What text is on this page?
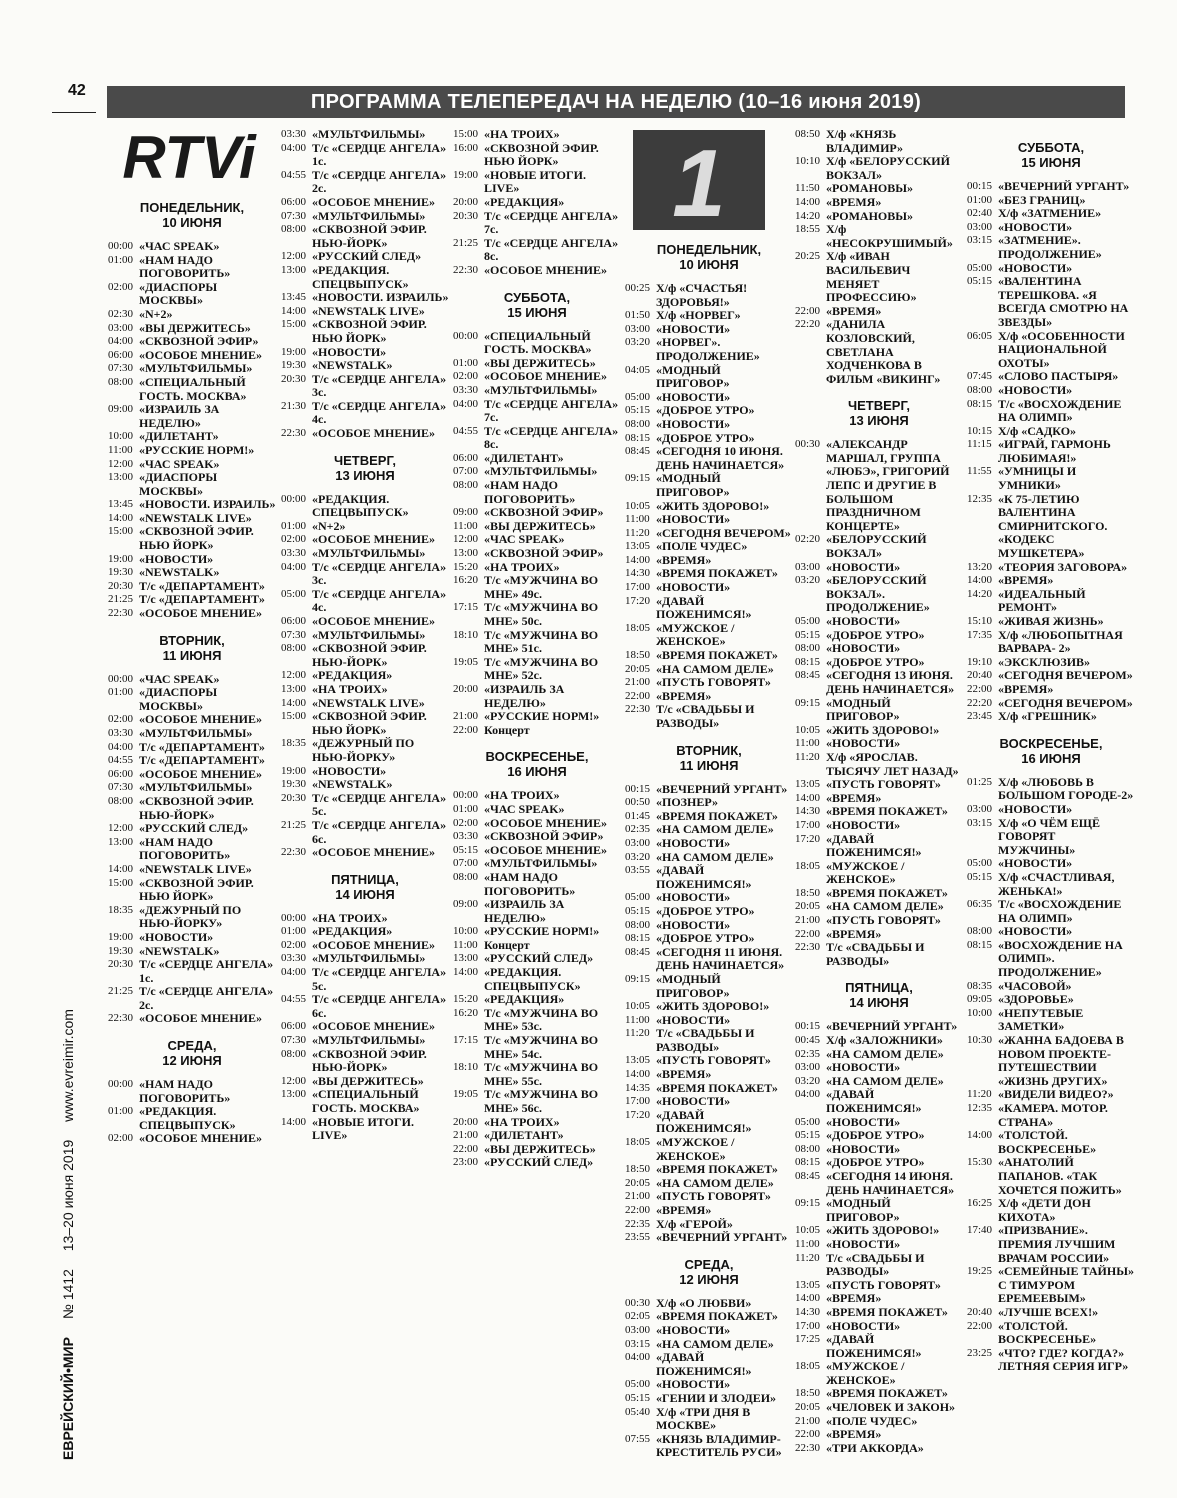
42	ПРОГРАММА ТЕЛЕПЕРЕДАЧ НА НЕДЕЛЮ (10–16 июня 2019)
ЕВРЕЙСКИЙ•МИР № 1412 13–20 июня 2019 www.evreimir.com
RTVi
ПОНЕДЕЛЬНИК,
10 ИЮНЯ
00:00 «ЧАС SPEAK»
01:00 «НАМ НАДО ПОГОВОРИТЬ»
02:00 «ДИАСПОРЫ МОСКВЫ»
02:30 «N+2»
03:00 «ВЫ ДЕРЖИТЕСЬ»
04:00 «СКВОЗНОЙ ЭФИР»
06:00 «ОСОБОЕ МНЕНИЕ»
07:30 «МУЛЬТФИЛЬМЫ»
08:00 «СПЕЦИАЛЬНЫЙ ГОСТЬ. МОСКВА»
09:00 «ИЗРАИЛЬ ЗА НЕДЕЛЮ»
10:00 «ДИЛЕТАНТ»
11:00 «РУССКИЕ НОРМ!»
12:00 «ЧАС SPEAK»
13:00 «ДИАСПОРЫ МОСКВЫ»
13:45 «НОВОСТИ. ИЗРАИЛЬ»
14:00 «NEWSTALK LIVE»
15:00 «СКВОЗНОЙ ЭФИР. НЬЮ ЙОРК»
19:00 «НОВОСТИ»
19:30 «NEWSTALK»
20:30 Т/с «ДЕПАРТАМЕНТ»
21:25 Т/с «ДЕПАРТАМЕНТ»
22:30 «ОСОБОЕ МНЕНИЕ»
ВТОРНИК,
11 ИЮНЯ
00:00 «ЧАС SPEAK»
01:00 «ДИАСПОРЫ МОСКВЫ»
02:00 «ОСОБОЕ МНЕНИЕ»
03:30 «МУЛЬТФИЛЬМЫ»
04:00 Т/с «ДЕПАРТАМЕНТ»
04:55 Т/с «ДЕПАРТАМЕНТ»
06:00 «ОСОБОЕ МНЕНИЕ»
07:30 «МУЛЬТФИЛЬМЫ»
08:00 «СКВОЗНОЙ ЭФИР. НЬЮ-ЙОРК»
12:00 «РУССКИЙ СЛЕД»
13:00 «НАМ НАДО ПОГОВОРИТЬ»
14:00 «NEWSTALK LIVE»
15:00 «СКВОЗНОЙ ЭФИР. НЬЮ ЙОРК»
18:35 «ДЕЖУРНЫЙ ПО НЬЮ-ЙОРКУ»
19:00 «НОВОСТИ»
19:30 «NEWSTALK»
20:30 Т/с «СЕРДЦЕ АНГЕЛА» 1с.
21:25 Т/с «СЕРДЦЕ АНГЕЛА» 2с.
22:30 «ОСОБОЕ МНЕНИЕ»
СРЕДА,
12 ИЮНЯ
00:00 «НАМ НАДО ПОГОВОРИТЬ»
01:00 «РЕДАКЦИЯ. СПЕЦВЫПУСК»
02:00 «ОСОБОЕ МНЕНИЕ»
03:30 «МУЛЬТФИЛЬМЫ»
04:00 Т/с «СЕРДЦЕ АНГЕЛА» 1с.
04:55 Т/с «СЕРДЦЕ АНГЕЛА» 2с.
06:00 «ОСОБОЕ МНЕНИЕ»
07:30 «МУЛЬТФИЛЬМЫ»
08:00 «СКВОЗНОЙ ЭФИР. НЬЮ-ЙОРК»
12:00 «РУССКИЙ СЛЕД»
13:00 «РЕДАКЦИЯ. СПЕЦВЫПУСК»
13:45 «НОВОСТИ. ИЗРАИЛЬ»
14:00 «NEWSTALK LIVE»
15:00 «СКВОЗНОЙ ЭФИР. НЬЮ ЙОРК»
19:00 «НОВОСТИ»
19:30 «NEWSTALK»
20:30 Т/с «СЕРДЦЕ АНГЕЛА» 3с.
21:30 Т/с «СЕРДЦЕ АНГЕЛА» 4с.
22:30 «ОСОБОЕ МНЕНИЕ»
ЧЕТВЕРГ,
13 ИЮНЯ
00:00 «РЕДАКЦИЯ. СПЕЦВЫПУСК»
01:00 «N+2»
02:00 «ОСОБОЕ МНЕНИЕ»
03:30 «МУЛЬТФИЛЬМЫ»
04:00 Т/с «СЕРДЦЕ АНГЕЛА» 3с.
05:00 Т/с «СЕРДЦЕ АНГЕЛА» 4с.
06:00 «ОСОБОЕ МНЕНИЕ»
07:30 «МУЛЬТФИЛЬМЫ»
08:00 «СКВОЗНОЙ ЭФИР. НЬЮ-ЙОРК»
12:00 «РЕДАКЦИЯ»
13:00 «НА ТРОИХ»
14:00 «NEWSTALK LIVE»
15:00 «СКВОЗНОЙ ЭФИР. НЬЮ ЙОРК»
18:35 «ДЕЖУРНЫЙ ПО НЬЮ-ЙОРКУ»
19:00 «НОВОСТИ»
19:30 «NEWSTALK»
20:30 Т/с «СЕРДЦЕ АНГЕЛА» 5с.
21:25 Т/с «СЕРДЦЕ АНГЕЛА» 6с.
22:30 «ОСОБОЕ МНЕНИЕ»
ПЯТНИЦА,
14 ИЮНЯ
00:00 «НА ТРОИХ»
01:00 «РЕДАКЦИЯ»
02:00 «ОСОБОЕ МНЕНИЕ»
03:30 «МУЛЬТФИЛЬМЫ»
04:00 Т/с «СЕРДЦЕ АНГЕЛА» 5с.
04:55 Т/с «СЕРДЦЕ АНГЕЛА» 6с.
06:00 «ОСОБОЕ МНЕНИЕ»
07:30 «МУЛЬТФИЛЬМЫ»
08:00 «СКВОЗНОЙ ЭФИР. НЬЮ-ЙОРК»
12:00 «ВЫ ДЕРЖИТЕСЬ»
13:00 «СПЕЦИАЛЬНЫЙ ГОСТЬ. МОСКВА»
14:00 «НОВЫЕ ИТОГИ. LIVE»
15:00 «НА ТРОИХ»
16:00 «СКВОЗНОЙ ЭФИР. НЬЮ ЙОРК»
19:00 «НОВЫЕ ИТОГИ. LIVE»
20:00 «РЕДАКЦИЯ»
20:30 Т/с «СЕРДЦЕ АНГЕЛА» 7с.
21:25 Т/с «СЕРДЦЕ АНГЕЛА» 8с.
22:30 «ОСОБОЕ МНЕНИЕ»
СУББОТА,
15 ИЮНЯ
00:00 «СПЕЦИАЛЬНЫЙ ГОСТЬ. МОСКВА»
01:00 «ВЫ ДЕРЖИТЕСЬ»
02:00 «ОСОБОЕ МНЕНИЕ»
03:30 «МУЛЬТФИЛЬМЫ»
04:00 Т/с «СЕРДЦЕ АНГЕЛА» 7с.
04:55 Т/с «СЕРДЦЕ АНГЕЛА» 8с.
06:00 «ДИЛЕТАНТ»
07:00 «МУЛЬТФИЛЬМЫ»
08:00 «НАМ НАДО ПОГОВОРИТЬ»
09:00 «СКВОЗНОЙ ЭФИР»
11:00 «ВЫ ДЕРЖИТЕСЬ»
12:00 «ЧАС SPEAK»
13:00 «СКВОЗНОЙ ЭФИР»
15:20 «НА ТРОИХ»
16:20 Т/с «МУЖЧИНА ВО МНЕ» 49с.
17:15 Т/с «МУЖЧИНА ВО МНЕ» 50с.
18:10 Т/с «МУЖЧИНА ВО МНЕ» 51с.
19:05 Т/с «МУЖЧИНА ВО МНЕ» 52с.
20:00 «ИЗРАИЛЬ ЗА НЕДЕЛЮ»
21:00 «РУССКИЕ НОРМ!»
22:00 Концерт
ВОСКРЕСЕНЬЕ,
16 ИЮНЯ
00:00 «НА ТРОИХ»
01:00 «ЧАС SPEAK»
02:00 «ОСОБОЕ МНЕНИЕ»
03:30 «СКВОЗНОЙ ЭФИР»
05:15 «ОСОБОЕ МНЕНИЕ»
07:00 «МУЛЬТФИЛЬМЫ»
08:00 «НАМ НАДО ПОГОВОРИТЬ»
09:00 «ИЗРАИЛЬ ЗА НЕДЕЛЮ»
10:00 «РУССКИЕ НОРМ!»
11:00 Концерт
13:00 «РУССКИЙ СЛЕД»
14:00 «РЕДАКЦИЯ. СПЕЦВЫПУСК»
15:20 «РЕДАКЦИЯ»
16:20 Т/с «МУЖЧИНА ВО МНЕ» 53с.
17:15 Т/с «МУЖЧИНА ВО МНЕ» 54с.
18:10 Т/с «МУЖЧИНА ВО МНЕ» 55с.
19:05 Т/с «МУЖЧИНА ВО МНЕ» 56с.
20:00 «НА ТРОИХ»
21:00 «ДИЛЕТАНТ»
22:00 «ВЫ ДЕРЖИТЕСЬ»
23:00 «РУССКИЙ СЛЕД»
1
ПОНЕДЕЛЬНИК,
10 ИЮНЯ
00:25 Х/ф «СЧАСТЬЯ! ЗДОРОВЬЯ!»
01:50 Х/ф «НОРВЕГ»
03:00 «НОВОСТИ»
03:20 «НОРВЕГ». ПРОДОЛЖЕНИЕ»
04:05 «МОДНЫЙ ПРИГОВОР»
05:00 «НОВОСТИ»
05:15 «ДОБРОЕ УТРО»
08:00 «НОВОСТИ»
08:15 «ДОБРОЕ УТРО»
08:45 «СЕГОДНЯ 10 ИЮНЯ. ДЕНЬ НАЧИНАЕТСЯ»
09:15 «МОДНЫЙ ПРИГОВОР»
10:05 «ЖИТЬ ЗДОРОВО!»
11:00 «НОВОСТИ»
11:20 «СЕГОДНЯ ВЕЧЕРОМ»
13:05 «ПОЛЕ ЧУДЕС»
14:00 «ВРЕМЯ»
14:30 «ВРЕМЯ ПОКАЖЕТ»
17:00 «НОВОСТИ»
17:20 «ДАВАЙ ПОЖЕНИМСЯ!»
18:05 «МУЖСКОЕ / ЖЕНСКОЕ»
18:50 «ВРЕМЯ ПОКАЖЕТ»
20:05 «НА САМОМ ДЕЛЕ»
21:00 «ПУСТЬ ГОВОРЯТ»
22:00 «ВРЕМЯ»
22:30 Т/с «СВАДЬБЫ И РАЗВОДЫ»
ВТОРНИК,
11 ИЮНЯ
00:15 «ВЕЧЕРНИЙ УРГАНТ»
00:50 «ПОЗНЕР»
01:45 «ВРЕМЯ ПОКАЖЕТ»
02:35 «НА САМОМ ДЕЛЕ»
03:00 «НОВОСТИ»
03:20 «НА САМОМ ДЕЛЕ»
03:55 «ДАВАЙ ПОЖЕНИМСЯ!»
05:00 «НОВОСТИ»
05:15 «ДОБРОЕ УТРО»
08:00 «НОВОСТИ»
08:15 «ДОБРОЕ УТРО»
08:45 «СЕГОДНЯ 11 ИЮНЯ. ДЕНЬ НАЧИНАЕТСЯ»
09:15 «МОДНЫЙ ПРИГОВОР»
10:05 «ЖИТЬ ЗДОРОВО!»
11:00 «НОВОСТИ»
11:20 Т/с «СВАДЬБЫ И РАЗВОДЫ»
13:05 «ПУСТЬ ГОВОРЯТ»
14:00 «ВРЕМЯ»
14:35 «ВРЕМЯ ПОКАЖЕТ»
17:00 «НОВОСТИ»
17:20 «ДАВАЙ ПОЖЕНИМСЯ!»
18:05 «МУЖСКОЕ / ЖЕНСКОЕ»
18:50 «ВРЕМЯ ПОКАЖЕТ»
20:05 «НА САМОМ ДЕЛЕ»
21:00 «ПУСТЬ ГОВОРЯТ»
22:00 «ВРЕМЯ»
22:35 Х/ф «ГЕРОЙ»
23:55 «ВЕЧЕРНИЙ УРГАНТ»
СРЕДА,
12 ИЮНЯ
00:30 Х/ф «О ЛЮБВИ»
02:05 «ВРЕМЯ ПОКАЖЕТ»
03:00 «НОВОСТИ»
03:15 «НА САМОМ ДЕЛЕ»
04:00 «ДАВАЙ ПОЖЕНИМСЯ!»
05:00 «НОВОСТИ»
05:15 «ГЕНИИ И ЗЛОДЕИ»
05:40 Х/ф «ТРИ ДНЯ В МОСКВЕ»
07:55 «КНЯЗЬ ВЛАДИМИР-КРЕСТИТЕЛЬ РУСИ»
08:50 Х/ф «КНЯЗЬ ВЛАДИМИР»
10:10 Х/ф «БЕЛОРУССКИЙ ВОКЗАЛ»
11:50 «РОМАНОВЫ»
14:00 «ВРЕМЯ»
14:20 «РОМАНОВЫ»
18:55 Х/ф «НЕСОКРУШИМЫЙ»
20:25 Х/ф «ИВАН ВАСИЛЬЕВИЧ МЕНЯЕТ ПРОФЕССИЮ»
22:00 «ВРЕМЯ»
22:20 «ДАНИЛА КОЗЛОВСКИЙ, СВЕТЛАНА ХОДЧЕНКОВА В ФИЛЬМ «ВИКИНГ»
ЧЕТВЕРГ,
13 ИЮНЯ
00:30 «АЛЕКСАНДР МАРШАЛ, ГРУППА «ЛЮБЭ», ГРИГОРИЙ ЛЕПС И ДРУГИЕ В БОЛЬШОМ ПРАЗДНИЧНОМ КОНЦЕРТЕ»
02:20 «БЕЛОРУССКИЙ ВОКЗАЛ»
03:00 «НОВОСТИ»
03:20 «БЕЛОРУССКИЙ ВОКЗАЛ». ПРОДОЛЖЕНИЕ»
05:00 «НОВОСТИ»
05:15 «ДОБРОЕ УТРО»
08:00 «НОВОСТИ»
08:15 «ДОБРОЕ УТРО»
08:45 «СЕГОДНЯ 13 ИЮНЯ. ДЕНЬ НАЧИНАЕТСЯ»
09:15 «МОДНЫЙ ПРИГОВОР»
10:05 «ЖИТЬ ЗДОРОВО!»
11:00 «НОВОСТИ»
11:20 Х/ф «ЯРОСЛАВ. ТЫСЯЧУ ЛЕТ НАЗАД»
13:05 «ПУСТЬ ГОВОРЯТ»
14:00 «ВРЕМЯ»
14:30 «ВРЕМЯ ПОКАЖЕТ»
17:00 «НОВОСТИ»
17:20 «ДАВАЙ ПОЖЕНИМСЯ!»
18:05 «МУЖСКОЕ / ЖЕНСКОЕ»
18:50 «ВРЕМЯ ПОКАЖЕТ»
20:05 «НА САМОМ ДЕЛЕ»
21:00 «ПУСТЬ ГОВОРЯТ»
22:00 «ВРЕМЯ»
22:30 Т/с «СВАДЬБЫ И РАЗВОДЫ»
ПЯТНИЦА,
14 ИЮНЯ
00:15 «ВЕЧЕРНИЙ УРГАНТ»
00:45 Х/ф «ЗАЛОЖНИКИ»
02:35 «НА САМОМ ДЕЛЕ»
03:00 «НОВОСТИ»
03:20 «НА САМОМ ДЕЛЕ»
04:00 «ДАВАЙ ПОЖЕНИМСЯ!»
05:00 «НОВОСТИ»
05:15 «ДОБРОЕ УТРО»
08:00 «НОВОСТИ»
08:15 «ДОБРОЕ УТРО»
08:45 «СЕГОДНЯ 14 ИЮНЯ. ДЕНЬ НАЧИНАЕТСЯ»
09:15 «МОДНЫЙ ПРИГОВОР»
10:05 «ЖИТЬ ЗДОРОВО!»
11:00 «НОВОСТИ»
11:20 Т/с «СВАДЬБЫ И РАЗВОДЫ»
13:05 «ПУСТЬ ГОВОРЯТ»
14:00 «ВРЕМЯ»
14:30 «ВРЕМЯ ПОКАЖЕТ»
17:00 «НОВОСТИ»
17:25 «ДАВАЙ ПОЖЕНИМСЯ!»
18:05 «МУЖСКОЕ / ЖЕНСКОЕ»
18:50 «ВРЕМЯ ПОКАЖЕТ»
20:05 «ЧЕЛОВЕК И ЗАКОН»
21:00 «ПОЛЕ ЧУДЕС»
22:00 «ВРЕМЯ»
22:30 «ТРИ АККОРДА»
СУББОТА,
15 ИЮНЯ
00:15 «ВЕЧЕРНИЙ УРГАНТ»
01:00 «БЕЗ ГРАНИЦ»
02:40 Х/ф «ЗАТМЕНИЕ»
03:00 «НОВОСТИ»
03:15 «ЗАТМЕНИЕ». ПРОДОЛЖЕНИЕ»
05:00 «НОВОСТИ»
05:15 «ВАЛЕНТИНА ТЕРЕШКОВА. «Я ВСЕГДА СМОТРЮ НА ЗВЕЗДЫ»
06:05 Х/ф «ОСОБЕННОСТИ НАЦИОНАЛЬНОЙ ОХОТЫ»
07:45 «СЛОВО ПАСТЫРЯ»
08:00 «НОВОСТИ»
08:15 Т/с «ВОСХОЖДЕНИЕ НА ОЛИМП»
10:15 Х/ф «САДКО»
11:15 «ИГРАЙ, ГАРМОНЬ ЛЮБИМАЯ!»
11:55 «УМНИЦЫ И УМНИКИ»
12:35 «К 75-ЛЕТИЮ ВАЛЕНТИНА СМИРНИТСКОГО. «КОДЕКС МУШКЕТЕРА»
13:20 «ТЕОРИЯ ЗАГОВОРА»
14:00 «ВРЕМЯ»
14:20 «ИДЕАЛЬНЫЙ РЕМОНТ»
15:10 «ЖИВАЯ ЖИЗНЬ»
17:35 Х/ф «ЛЮБОПЫТНАЯ ВАРВАРА- 2»
19:10 «ЭКСКЛЮЗИВ»
20:40 «СЕГОДНЯ ВЕЧЕРОМ»
22:00 «ВРЕМЯ»
22:20 «СЕГОДНЯ ВЕЧЕРОМ»
23:45 Х/ф «ГРЕШНИК»
ВОСКРЕСЕНЬЕ,
16 ИЮНЯ
01:25 Х/ф «ЛЮБОВЬ В БОЛЬШОМ ГОРОДЕ-2»
03:00 «НОВОСТИ»
03:15 Х/ф «О ЧЁМ ЕЩЁ ГОВОРЯТ МУЖЧИНЫ»
05:00 «НОВОСТИ»
05:15 Х/ф «СЧАСТЛИВАЯ, ЖЕНЬКА!»
06:35 Т/с «ВОСХОЖДЕНИЕ НА ОЛИМП»
08:00 «НОВОСТИ»
08:15 «ВОСХОЖДЕНИЕ НА ОЛИМП». ПРОДОЛЖЕНИЕ»
08:35 «ЧАСОВОЙ»
09:05 «ЗДОРОВЬЕ»
10:00 «НЕПУТЕВЫЕ ЗАМЕТКИ»
10:30 «ЖАННА БАДОЕВА В НОВОМ ПРОЕКТЕ-ПУТЕШЕСТВИИ «ЖИЗНЬ ДРУГИХ»
11:20 «ВИДЕЛИ ВИДЕО?»
12:35 «КАМЕРА. МОТОР. СТРАНА»
14:00 «ТОЛСТОЙ. ВОСКРЕСЕНЬЕ»
15:30 «АНАТОЛИЙ ПАПАНОВ. «ТАК ХОЧЕТСЯ ПОЖИТЬ»
16:25 Х/ф «ДЕТИ ДОН КИХОТА»
17:40 «ПРИЗВАНИЕ». ПРЕМИЯ ЛУЧШИМ ВРАЧАМ РОССИИ»
19:25 «СЕМЕЙНЫЕ ТАЙНЫ» С ТИМУРОМ ЕРЕМЕЕВЫМ»
20:40 «ЛУЧШЕ ВСЕХ!»
22:00 «ТОЛСТОЙ. ВОСКРЕСЕНЬЕ»
23:25 «ЧТО? ГДЕ? КОГДА?» ЛЕТНЯЯ СЕРИЯ ИГР»
